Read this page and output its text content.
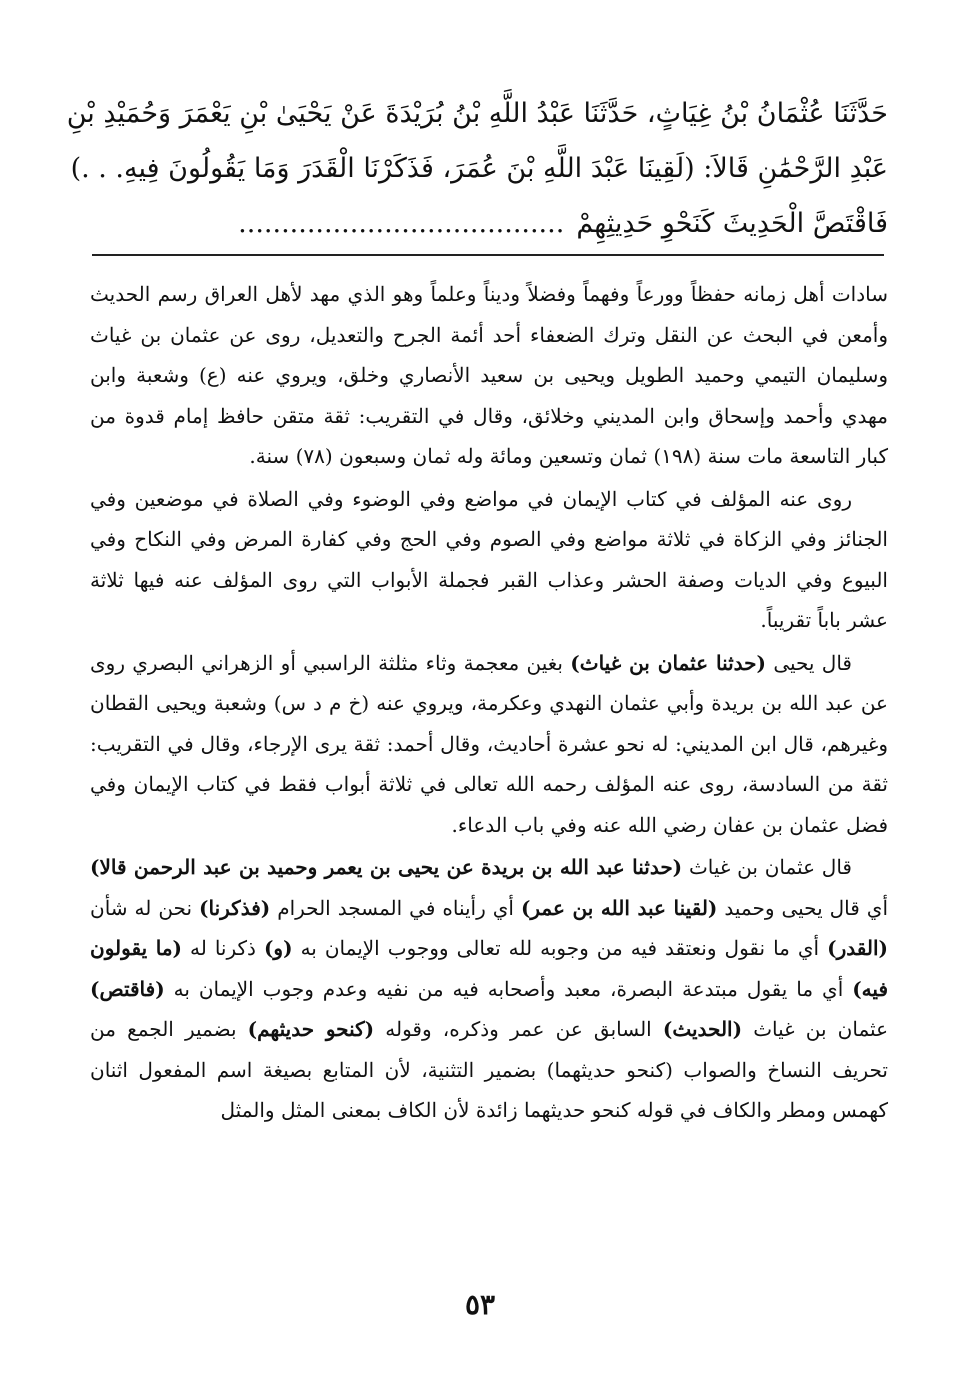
حَدَّثَنَا عُثْمَانُ بْنُ غِيَاثٍ، حَدَّثَنَا عَبْدُ اللَّهِ بْنُ بُرَيْدَةَ عَنْ يَحْيَىٰ بْنِ يَعْمَرَ وَحُمَيْدِ بْنِ

عَبْدِ الرَّحْمَٰنِ قَالاَ: (لَقِينَا عَبْدَ اللَّهِ بْنَ عُمَرَ، فَذَكَرْنَا الْقَدَرَ وَمَا يَقُولُونَ فِيهِ. . .)

فَاقْتَصَّ الْحَدِيثَ كَنَحْوِ حَدِيثِهِمْ......................................

سادات أهل زمانه حفظاً وورعاً وفهماً وفضلاً وديناً وعلماً وهو الذي مهد لأهل العراق رسم الحديث وأمعن في البحث عن النقل وترك الضعفاء أحد أئمة الجرح والتعديل، روى عن عثمان بن غياث وسليمان التيمي وحميد الطويل ويحيى بن سعيد الأنصاري وخلق، ويروي عنه (ع) وشعبة وابن مهدي وأحمد وإسحاق وابن المديني وخلائق، وقال في التقريب: ثقة متقن حافظ إمام قدوة من كبار التاسعة مات سنة (١٩٨) ثمان وتسعين ومائة وله ثمان وسبعون (٧٨) سنة.

روى عنه المؤلف في كتاب الإيمان في مواضع وفي الوضوء وفي الصلاة في موضعين وفي الجنائز وفي الزكاة في ثلاثة مواضع وفي الصوم وفي الحج وفي كفارة المرض وفي النكاح وفي البيوع وفي الديات وصفة الحشر وعذاب القبر فجملة الأبواب التي روى المؤلف عنه فيها ثلاثة عشر باباً تقريباً.

قال يحيى (حدثنا عثمان بن غياث) بغين معجمة وثاء مثلثة الراسبي أو الزهراني البصري روى عن عبد الله بن بريدة وأبي عثمان النهدي وعكرمة، ويروي عنه (خ م د س) وشعبة ويحيى القطان وغيرهم، قال ابن المديني: له نحو عشرة أحاديث، وقال أحمد: ثقة يرى الإرجاء، وقال في التقريب: ثقة من السادسة، روى عنه المؤلف رحمه الله تعالى في ثلاثة أبواب فقط في كتاب الإيمان وفي فضل عثمان بن عفان رضي الله عنه وفي باب الدعاء.

قال عثمان بن غياث (حدثنا عبد الله بن بريدة عن يحيى بن يعمر وحميد بن عبد الرحمن قالا) أي قال يحيى وحميد (لقينا عبد الله بن عمر) أي رأيناه في المسجد الحرام (فذكرنا) نحن له شأن (القدر) أي ما نقول ونعتقد فيه من وجوبه لله تعالى ووجوب الإيمان به (و) ذكرنا له (ما يقولون فيه) أي ما يقول مبتدعة البصرة، معبد وأصحابه فيه من نفيه وعدم وجوب الإيمان به (فاقتص) عثمان بن غياث (الحديث) السابق عن عمر وذكره، وقوله (كنحو حديثهم) بضمير الجمع من تحريف النساخ والصواب (كنحو حديثهما) بضمير التثنية، لأن المتابع بصيغة اسم المفعول اثنان كهمس ومطر والكاف في قوله كنحو حديثهما زائدة لأن الكاف بمعنى المثل والمثل

٥٣
